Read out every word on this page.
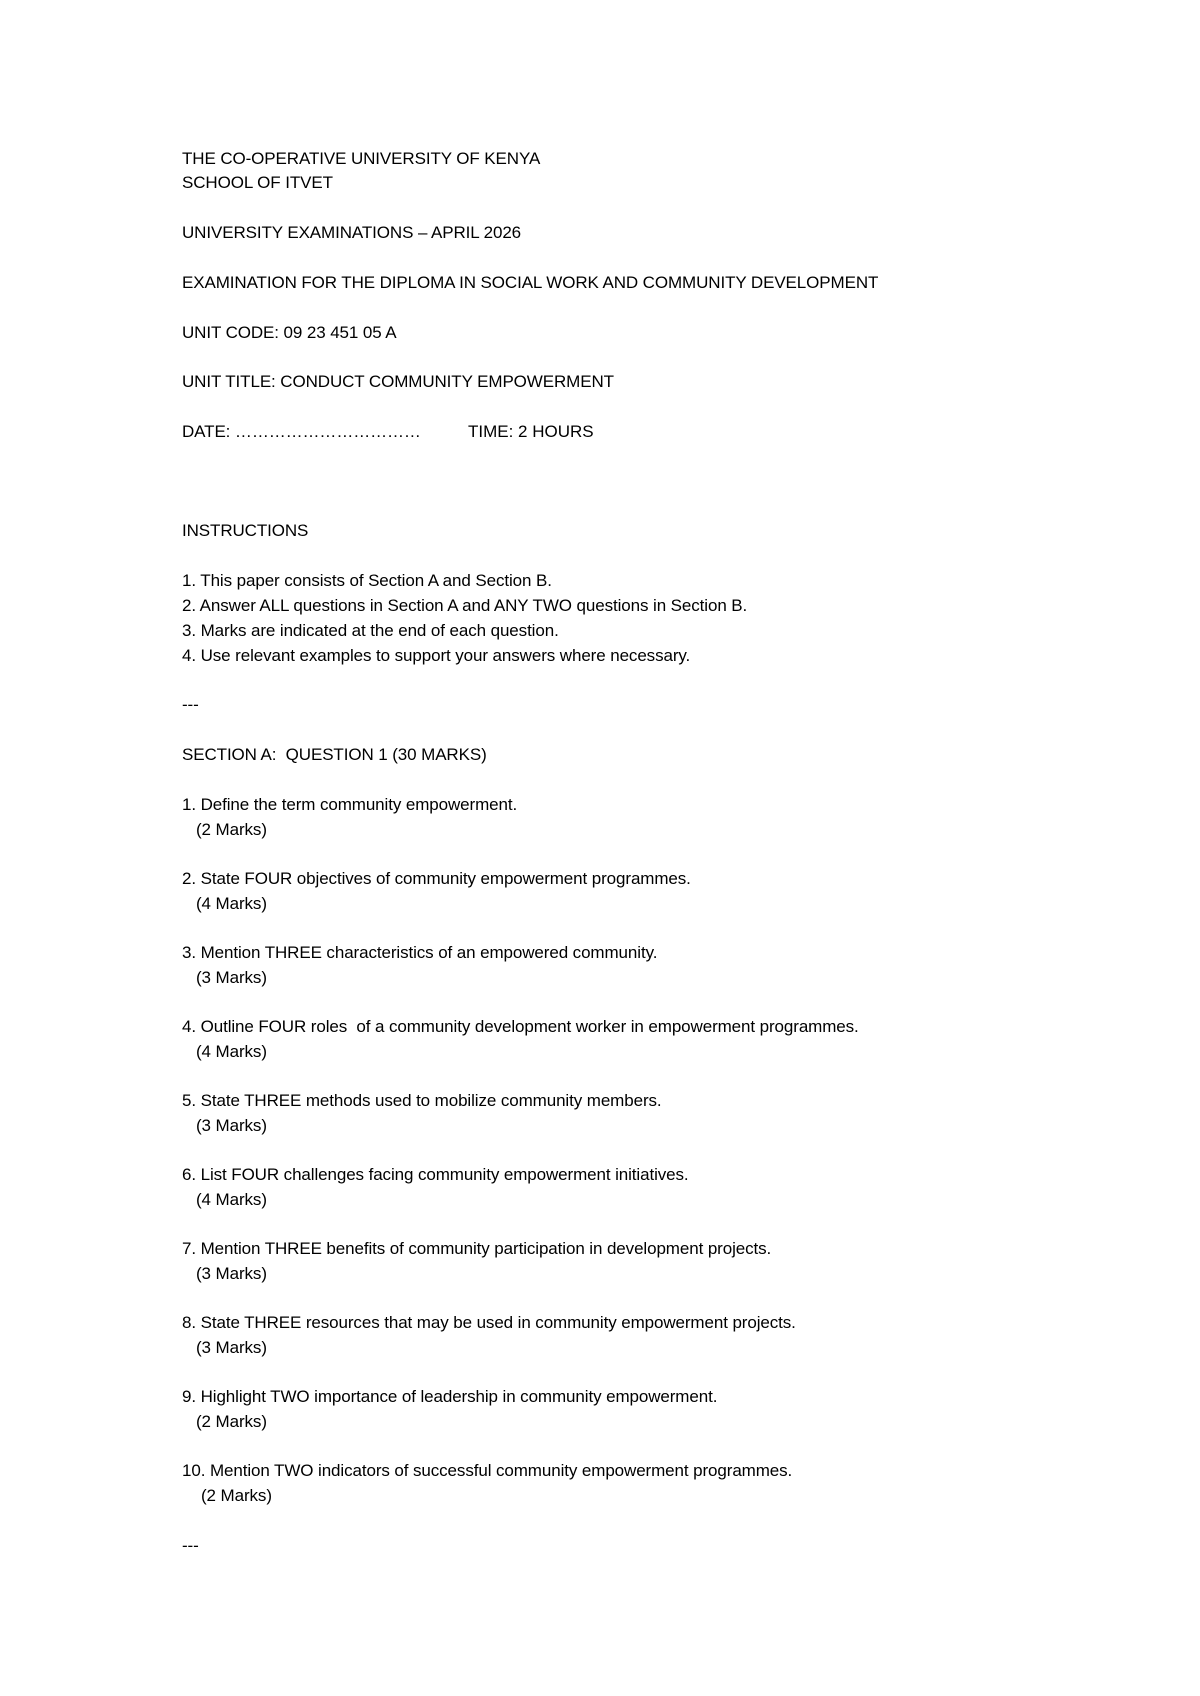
THE CO-OPERATIVE UNIVERSITY OF KENYA
SCHOOL OF ITVET
UNIVERSITY EXAMINATIONS – APRIL 2026
EXAMINATION FOR THE DIPLOMA IN SOCIAL WORK AND COMMUNITY DEVELOPMENT
UNIT CODE: 09 23 451 05 A
UNIT TITLE: CONDUCT COMMUNITY EMPOWERMENT
DATE: ……………………………	TIME: 2 HOURS
INSTRUCTIONS
1. This paper consists of Section A and Section B.
2. Answer ALL questions in Section A and ANY TWO questions in Section B.
3. Marks are indicated at the end of each question.
4. Use relevant examples to support your answers where necessary.
---
SECTION A:  QUESTION 1 (30 MARKS)
1. Define the term community empowerment.
(2 Marks)
2. State FOUR objectives of community empowerment programmes.
(4 Marks)
3. Mention THREE characteristics of an empowered community.
(3 Marks)
4. Outline FOUR roles  of a community development worker in empowerment programmes.
(4 Marks)
5. State THREE methods used to mobilize community members.
(3 Marks)
6. List FOUR challenges facing community empowerment initiatives.
(4 Marks)
7. Mention THREE benefits of community participation in development projects.
(3 Marks)
8. State THREE resources that may be used in community empowerment projects.
(3 Marks)
9. Highlight TWO importance of leadership in community empowerment.
(2 Marks)
10. Mention TWO indicators of successful community empowerment programmes.
(2 Marks)
---
